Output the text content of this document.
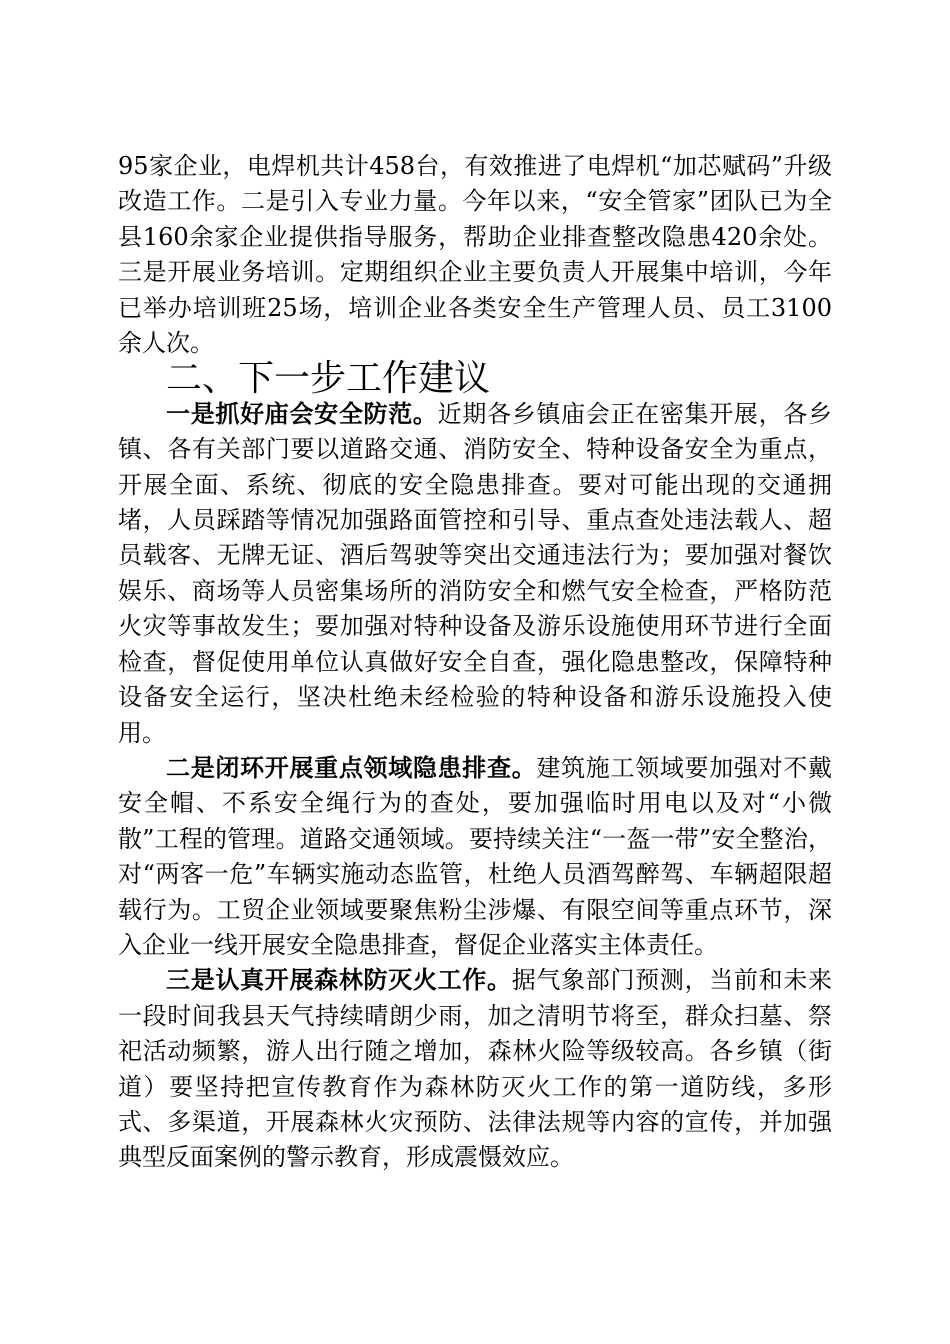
95家企业，电焊机共计458台，有效推进了电焊机“加芯赋码”升级改造工作。二是引入专业力量。今年以来，“安全管家”团队已为全县160余家企业提供指导服务，帮助企业排查整改隐患420余处。三是开展业务培训。定期组织企业主要负责人开展集中培训，今年已举办培训班25场，培训企业各类安全生产管理人员、员工3100余人次。

二、下一步工作建议

一是抓好庙会安全防范。近期各乡镇庙会正在密集开展，各乡镇、各有关部门要以道路交通、消防安全、特种设备安全为重点，开展全面、系统、彻底的安全隐患排查。要对可能出现的交通拥堵，人员踩踏等情况加强路面管控和引导、重点查处违法载人、超员载客、无牌无证、酒后驾驶等突出交通违法行为；要加强对餐饮娱乐、商场等人员密集场所的消防安全和燃气安全检查，严格防范火灾等事故发生；要加强对特种设备及游乐设施使用环节进行全面检查，督促使用单位认真做好安全自查，强化隐患整改，保障特种设备安全运行，坚决杜绝未经检验的特种设备和游乐设施投入使用。

二是闭环开展重点领域隐患排查。建筑施工领域要加强对不戴安全帽、不系安全绳行为的查处，要加强临时用电以及对“小微散”工程的管理。道路交通领域。要持续关注“一盔一带”安全整治，对“两客一危”车辆实施动态监管，杜绝人员酒驾醉驾、车辆超限超载行为。工贸企业领域要聚焦粉尘涉爆、有限空间等重点环节，深入企业一线开展安全隐患排查，督促企业落实主体责任。

三是认真开展森林防灭火工作。据气象部门预测，当前和未来一段时间我县天气持续晴朗少雨，加之清明节将至，群众扫墓、祭祀活动频繁，游人出行随之增加，森林火险等级较高。各乡镇（街道）要坚持把宣传教育作为森林防灭火工作的第一道防线，多形式、多渠道，开展森林火灾预防、法律法规等内容的宣传，并加强典型反面案例的警示教育，形成震慑效应。
